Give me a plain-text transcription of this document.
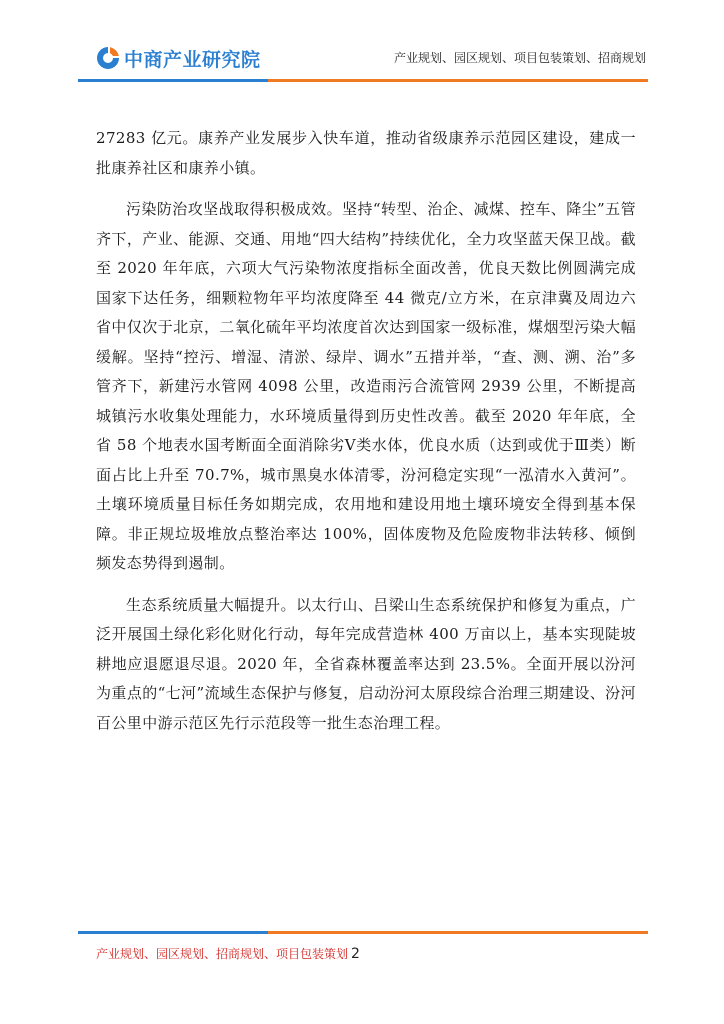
中商产业研究院	产业规划、园区规划、项目包装策划、招商规划

27283 亿元。康养产业发展步入快车道，推动省级康养示范园区建设，建成一批康养社区和康养小镇。

污染防治攻坚战取得积极成效。坚持“转型、治企、减煤、控车、降尘”五管齐下，产业、能源、交通、用地“四大结构”持续优化，全力攻坚蓝天保卫战。截至 2020 年年底，六项大气污染物浓度指标全面改善，优良天数比例圆满完成国家下达任务，细颗粒物年平均浓度降至 44 微克/立方米，在京津冀及周边六省中仅次于北京，二氧化硫年平均浓度首次达到国家一级标准，煤烟型污染大幅缓解。坚持“控污、增湿、清淤、绿岸、调水”五措并举，“查、测、溯、治”多管齐下，新建污水管网 4098 公里，改造雨污合流管网 2939 公里，不断提高城镇污水收集处理能力，水环境质量得到历史性改善。截至 2020 年年底，全省 58 个地表水国考断面全面消除劣Ⅴ类水体，优良水质（达到或优于Ⅲ类）断面占比上升至 70.7%，城市黑臭水体清零，汾河稳定实现“一泓清水入黄河”。土壤环境质量目标任务如期完成，农用地和建设用地土壤环境安全得到基本保障。非正规垃圾堆放点整治率达 100%，固体废物及危险废物非法转移、倾倒频发态势得到遏制。

生态系统质量大幅提升。以太行山、吕梁山生态系统保护和修复为重点，广泛开展国土绿化彩化财化行动，每年完成营造林 400 万亩以上，基本实现陡坡耕地应退愿退尽退。2020 年，全省森林覆盖率达到 23.5%。全面开展以汾河为重点的“七河”流域生态保护与修复，启动汾河太原段综合治理三期建设、汾河百公里中游示范区先行示范段等一批生态治理工程。

产业规划、园区规划、招商规划、项目包装策划 2
